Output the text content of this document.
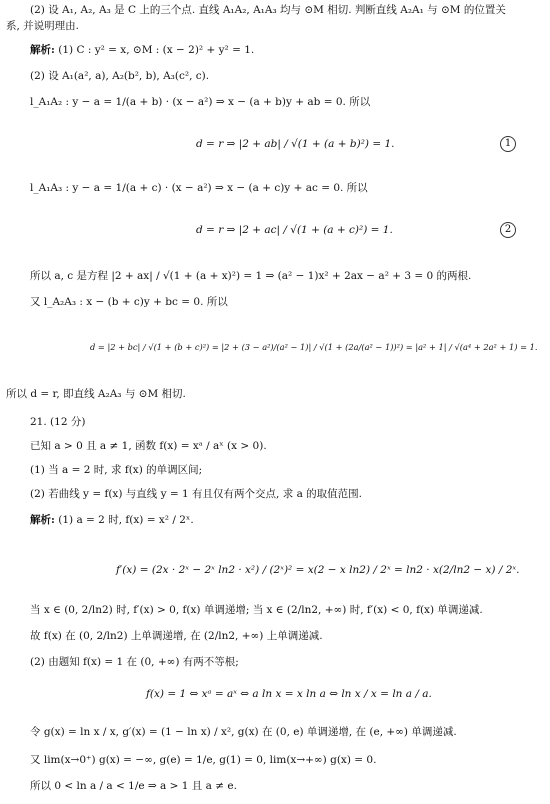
(2) 设 A₁, A₂, A₃ 是 C 上的三个点. 直线 A₁A₂, A₁A₃ 均与 ⊙M 相切. 判断直线 A₂A₁ 与 ⊙M 的位置关
系, 并说明理由.
解析: (1) C : y² = x, ⊙M : (x − 2)² + y² = 1.
(2) 设 A₁(a², a), A₂(b², b), A₃(c², c).
l_A₁A₂ : y − a = 1/(a + b) · (x − a²) ⇒ x − (a + b)y + ab = 0. 所以
d = r ⇒ |2 + ab| / √(1 + (a + b)²) = 1.	1
l_A₁A₃ : y − a = 1/(a + c) · (x − a²) ⇒ x − (a + c)y + ac = 0. 所以
d = r ⇒ |2 + ac| / √(1 + (a + c)²) = 1.	2
所以 a, c 是方程 |2 + ax| / √(1 + (a + x)²) = 1 ⇒ (a² − 1)x² + 2ax − a² + 3 = 0 的两根.
又 l_A₂A₃ : x − (b + c)y + bc = 0. 所以
d = |2 + bc| / √(1 + (b + c)²) = |2 + (3 − a²)/(a² − 1)| / √(1 + (2a/(a² − 1))²) = |a² + 1| / √(a⁴ + 2a² + 1) = 1.
所以 d = r, 即直线 A₂A₃ 与 ⊙M 相切.
21. (12 分)
已知 a > 0 且 a ≠ 1, 函数 f(x) = xᵃ / aˣ (x > 0).
(1) 当 a = 2 时, 求 f(x) 的单调区间;
(2) 若曲线 y = f(x) 与直线 y = 1 有且仅有两个交点, 求 a 的取值范围.
解析: (1) a = 2 时, f(x) = x² / 2ˣ.
f′(x) = (2x · 2ˣ − 2ˣ ln2 · x²) / (2ˣ)² = x(2 − x ln2) / 2ˣ = ln2 · x(2/ln2 − x) / 2ˣ.
当 x ∈ (0, 2/ln2) 时, f′(x) > 0, f(x) 单调递增; 当 x ∈ (2/ln2, +∞) 时, f′(x) < 0, f(x) 单调递减.
故 f(x) 在 (0, 2/ln2) 上单调递增, 在 (2/ln2, +∞) 上单调递减.
(2) 由题知 f(x) = 1 在 (0, +∞) 有两不等根;
f(x) = 1 ⇔ xᵃ = aˣ ⇔ a ln x = x ln a ⇔ ln x / x = ln a / a.
令 g(x) = ln x / x, g′(x) = (1 − ln x) / x², g(x) 在 (0, e) 单调递增, 在 (e, +∞) 单调递减.
又 lim(x→0⁺) g(x) = −∞, g(e) = 1/e, g(1) = 0, lim(x→+∞) g(x) = 0.
所以 0 < ln a / a < 1/e ⇒ a > 1 且 a ≠ e.
